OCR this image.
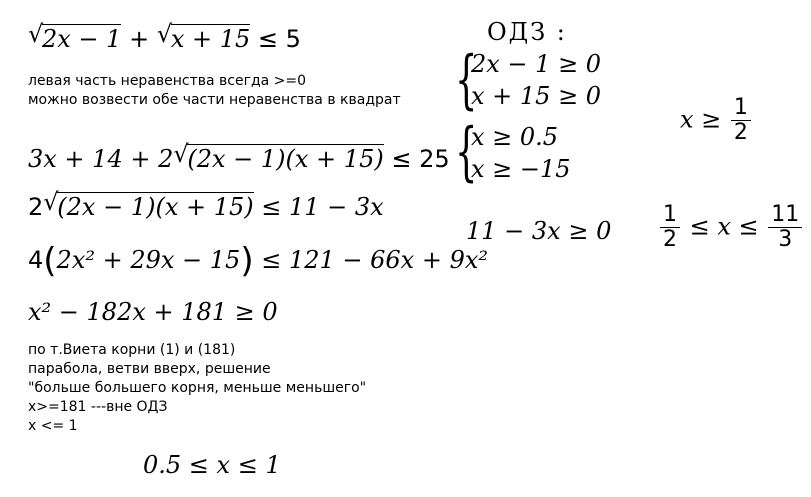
√ 2x − 1 + √ x + 15 ≤ 5
левая часть неравенства всегда >=0
можно возвести обе части неравенства в квадрат
3x + 14 + 2 √ (2x − 1)(x + 15) ≤ 25
2 √ (2x − 1)(x + 15) ≤ 11 − 3x
4(2x² + 29x − 15) ≤ 121 − 66x + 9x²
x² − 182x + 181 ≥ 0
по т.Виета корни (1) и (181)
парабола, ветви вверх, решение
"больше большего корня, меньше меньшего"
x>=181 ---вне ОДЗ
x <= 1
0.5 ≤ x ≤ 1
ОДЗ :
{
2x − 1 ≥ 0
x + 15 ≥ 0
{
x ≥ 0.5
x ≥ −15
$x \ge \frac{1}{2}$
$11 - 3x \ge 0 \frac{1}{2} \le x \le \frac{11}{3}$
